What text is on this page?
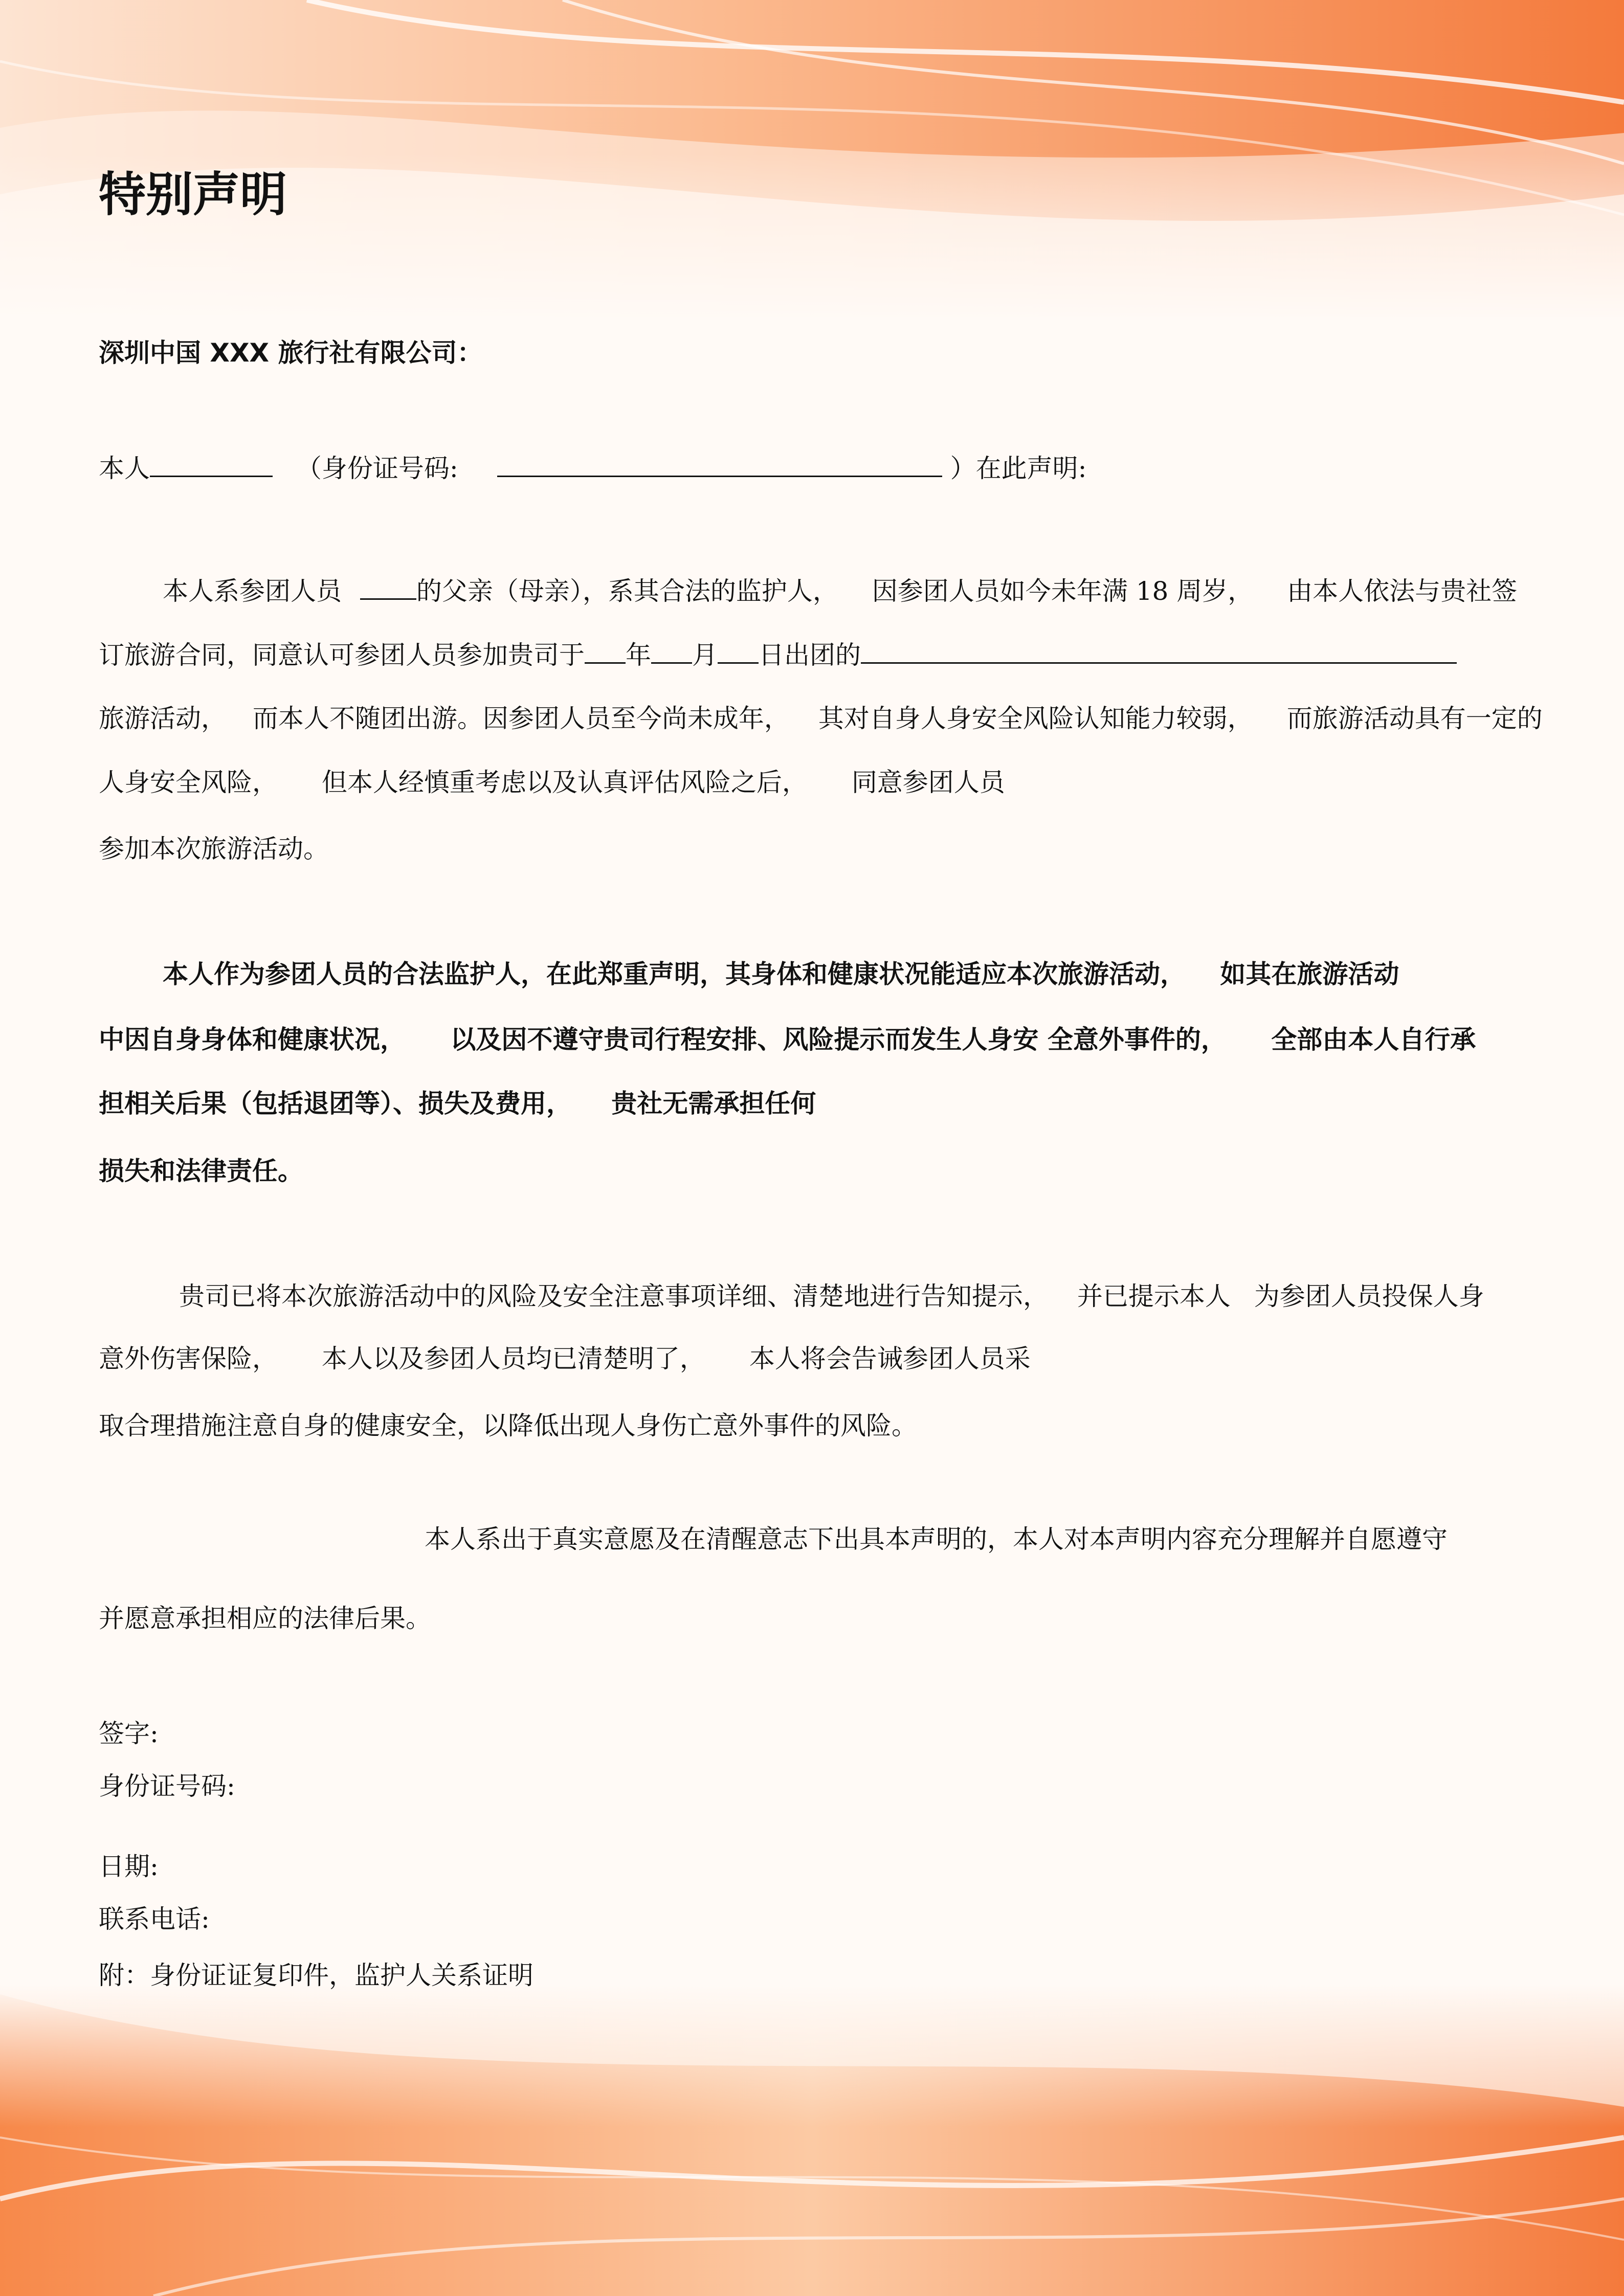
特别声明
深圳中国 XXX 旅行社有限公司：
本人	（身份证号码:	）在此声明:
本人系参团人员	的父亲（母亲），系其合法的监护人， 因参团人员如今未年满 18 周岁， 由本人依法与贵社签
订旅游合同，同意认可参团人员参加贵司于 年 月 日出团的
旅游活动， 而本人不随团出游。因参团人员至今尚未成年， 其对自身人身安全风险认知能力较弱， 而旅游活动具有一定的
人身安全风险， 但本人经慎重考虑以及认真评估风险之后， 同意参团人员
参加本次旅游活动。
本人作为参团人员的合法监护人，在此郑重声明，其身体和健康状况能适应本次旅游活动， 如其在旅游活动
中因自身身体和健康状况， 以及因不遵守贵司行程安排、风险提示而发生人身安 全意外事件的， 全部由本人自行承
担相关后果（包括退团等）、损失及费用， 贵社无需承担任何
损失和法律责任。
贵司已将本次旅游活动中的风险及安全注意事项详细、清楚地进行告知提示， 并已提示本人 为参团人员投保人身
意外伤害保险， 本人以及参团人员均已清楚明了， 本人将会告诫参团人员采
取合理措施注意自身的健康安全，以降低出现人身伤亡意外事件的风险。
本人系出于真实意愿及在清醒意志下出具本声明的，本人对本声明内容充分理解并自愿遵守
并愿意承担相应的法律后果。
签字:
身份证号码:
日期:
联系电话:
附：身份证证复印件，监护人关系证明
